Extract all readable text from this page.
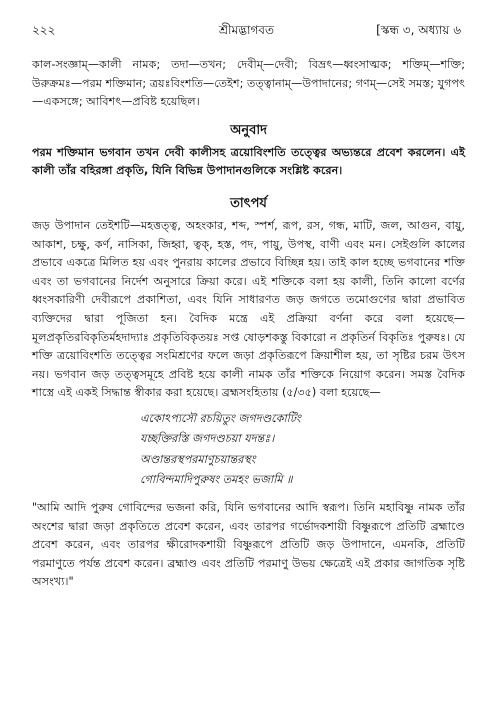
২২২	শ্রীমদ্ভাগবত	[স্কন্ধ ৩, অধ্যায় ৬

কাল-সংজ্ঞাম্—কালী নামক; তদা—তখন; দেবীম্—দেবী; বিভ্রৎ—ধ্বংসাত্মক; শক্তিম্—শক্তি; উরুক্রমঃ—পরম শক্তিমান; ত্রয়ঃবিংশতি—তেইশ; তত্ত্বানাম্—উপাদানের; গণম্—সেই সমস্ত; যুগপৎ—একসঙ্গে; আবিশৎ—প্রবিষ্ট হয়েছিল।

অনুবাদ

পরম শক্তিমান ভগবান তখন দেবী কালীসহ ত্রয়োবিংশতি তত্ত্বের অভ্যন্তরে প্রবেশ করলেন। এই কালী তাঁর বহিরঙ্গা প্রকৃতি, যিনি বিভিন্ন উপাদানগুলিকে সংশ্লিষ্ট করেন।

তাৎপর্য

জড় উপাদান তেইশটি—মহত্তত্ত্ব, অহংকার, শব্দ, স্পর্শ, রূপ, রস, গন্ধ, মাটি, জল, আগুন, বায়ু, আকাশ, চক্ষু, কর্ণ, নাসিকা, জিহ্বা, ত্বক্, হস্ত, পদ, পায়ু, উপস্থ, বাণী এবং মন। সেইগুলি কালের প্রভাবে একত্রে মিলিত হয় এবং পুনরায় কালের প্রভাবে বিচ্ছিন্ন হয়। তাই কাল হচ্ছে ভগবানের শক্তি এবং তা ভগবানের নির্দেশ অনুসারে ক্রিয়া করে। এই শক্তিকে বলা হয় কালী, তিনি কালো বর্ণের ধ্বংসকারিণী দেবীরূপে প্রকাশিতা, এবং যিনি সাধারণত জড় জগতে তমোগুণের দ্বারা প্রভাবিত ব্যক্তিদের দ্বারা পূজিতা হন। বৈদিক মন্ত্রে এই প্রক্রিয়া বর্ণনা করে বলা হয়েছে—মূলপ্রকৃতিরবিকৃতির্মহদাদ্যাঃ প্রকৃতিবিকৃতয়ঃ সপ্ত ষোড়শকস্তু বিকারো ন প্রকৃতির্ন বিকৃতিঃ পুরুষঃ। যে শক্তি ত্রয়োবিংশতি তত্ত্বের সংমিশ্রণের ফলে জড়া প্রকৃতিরূপে ক্রিয়াশীল হয়, তা সৃষ্টির চরম উৎস নয়। ভগবান জড় তত্ত্বসমূহে প্রবিষ্ট হয়ে কালী নামক তাঁর শক্তিকে নিয়োগ করেন। সমস্ত বৈদিক শাস্ত্রে এই একই সিদ্ধান্ত স্বীকার করা হয়েছে। ব্রহ্মসংহিতায় (৫/৩৫) বলা হয়েছে—

একোঽপ্যসৌ রচয়িতুং জগদণ্ডকোটিং
যচ্ছক্তিরস্তি জগদণ্ডচয়া যদন্তঃ।
অণ্ডান্তরস্থপরমাণুচয়ান্তরস্থং
গোবিন্দমাদিপুরুষং তমহং ভজামি ॥

"আমি আদি পুরুষ গোবিন্দের ভজনা করি, যিনি ভগবানের আদি স্বরূপ। তিনি মহাবিষ্ণু নামক তাঁর অংশের দ্বারা জড়া প্রকৃতিতে প্রবেশ করেন, এবং তারপর গর্ভোদকশায়ী বিষ্ণুরূপে প্রতিটি ব্রহ্মাণ্ডে প্রবেশ করেন, এবং তারপর ক্ষীরোদকশায়ী বিষ্ণুরূপে প্রতিটি জড় উপাদানে, এমনকি, প্রতিটি পরমাণুতে পর্যন্ত প্রবেশ করেন। ব্রহ্মাণ্ড এবং প্রতিটি পরমাণু উভয় ক্ষেত্রেই এই প্রকার জাগতিক সৃষ্টি অসংখ্য।"
